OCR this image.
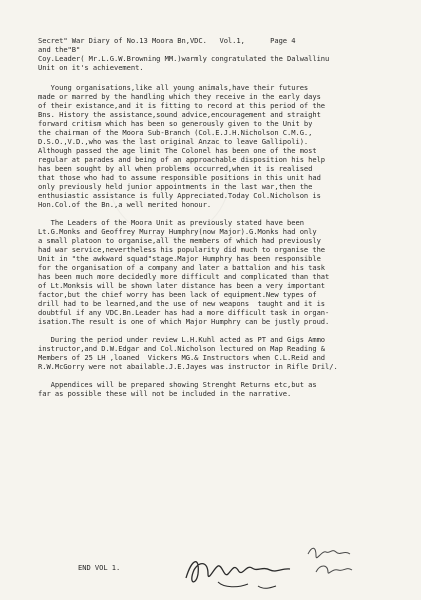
Secret" War Diary of No.13 Moora Bn,VDC.   Vol.1,      Page 4
and the"B"
Coy.Leader( Mr.L.G.W.Browning MM.)warmly congratulated the Dalwallinu
Unit on it's achievement.
Young organisations,like all young animals,have their futures
made or marred by the handling which they receive in the early days
of their existance,and it is fitting to record at this period of the
Bns. History the assistance,sound advice,encouragement and straight
forward critism which has been so generously given to the Unit by
the chairman of the Moora Sub-Branch (Col.E.J.H.Nicholson C.M.G.,
D.S.O.,V.D.,who was the last original Anzac to leave Gallipoli).
Although passed the age limit The Colonel has been one of the most
regular at parades and being of an approachable disposition his help
has been sought by all when problems occurred,when it is realised
that those who had to assume responsible positions in this unit had
only previously held junior appointments in the last war,then the
enthusiastic assistance is fully Appreciated.Today Col.Nicholson is
Hon.Col.of the Bn.,a well merited honour.
The Leaders of the Moora Unit as previously stated have been
Lt.G.Monks and Geoffrey Murray Humphry(now Major).G.Monks had only
a small platoon to organise,all the members of which had previously
had war service,nevertheless his popularity did much to organise the
Unit in "the awkward squad"stage.Major Humphry has been responsible
for the organisation of a company and later a battalion and his task
has been much more decidedly more difficult and complicated than that
of Lt.Monksis will be shown later distance has been a very important
factor,but the chief worry has been lack of equipment.New types of
drill had to be learned,and the use of new weapons  taught and it is
doubtful if any VDC.Bn.Leader has had a more difficult task in organ-
isation.The result is one of which Major Humphry can be justly proud.
During the period under review L.H.Kuhl acted as PT and Gigs Ammo
instructor,and D.W.Edgar and Col.Nicholson lectured on Map Reading &
Members of 25 LH ,loaned  Vickers MG.& Instructors when C.L.Reid and
R.W.McGorry were not abailable.J.E.Jayes was instructor in Rifle Dril/.
Appendices will be prepared showing Strenght Returns etc,but as
far as possible these will not be included in the narrative.
END VOL 1.
